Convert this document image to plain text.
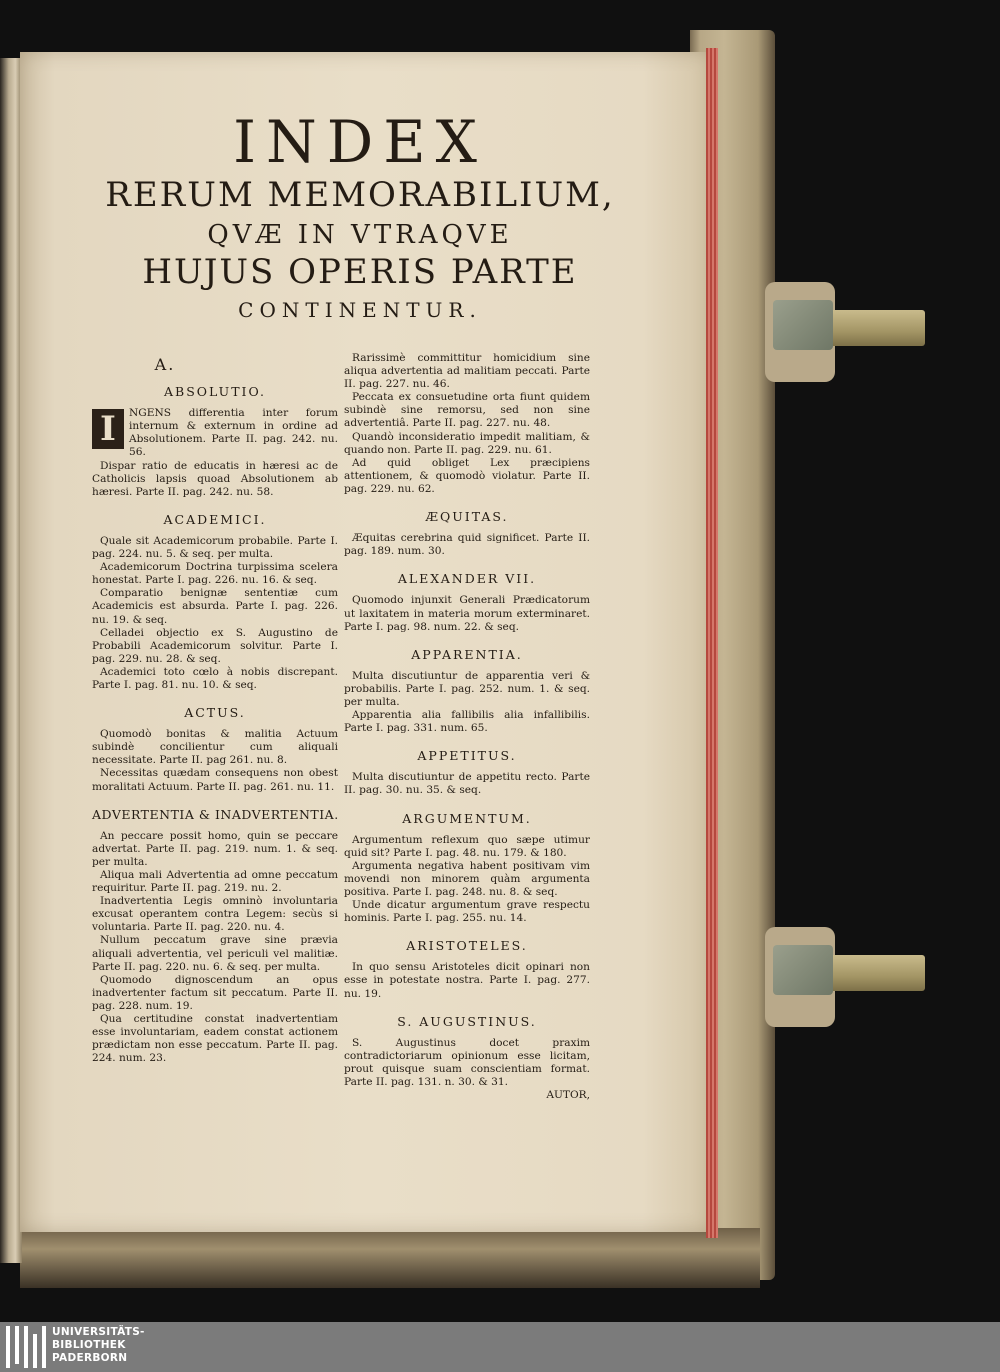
INDEX
RERUM MEMORABILIUM,
QVÆ IN VTRAQVE
HUJUS OPERIS PARTE
CONTINENTUR.
A.
ABSOLUTIO.

I	NGENS differentia inter forum internum & externum in ordine ad Absolutionem. Parte II. pag. 242. nu. 56.

Dispar ratio de educatis in hæresi ac de Catholicis lapsis quoad Absolutionem ab hæresi. Parte II. pag. 242. nu. 58.

ACADEMICI.

Quale sit Academicorum probabile. Parte I. pag. 224. nu. 5. & seq. per multa.

Academicorum Doctrina turpissima scelera honestat. Parte I. pag. 226. nu. 16. & seq.

Comparatio benignæ sententiæ cum Academicis est absurda. Parte I. pag. 226. nu. 19. & seq.

Celladei objectio ex S. Augustino de Probabili Academicorum solvitur. Parte I. pag. 229. nu. 28. & seq.

Academici toto cœlo à nobis discrepant. Parte I. pag. 81. nu. 10. & seq.

ACTUS.

Quomodò bonitas & malitia Actuum subindè concilientur cum aliquali necessitate. Parte II. pag 261. nu. 8.

Necessitas quædam consequens non obest moralitati Actuum. Parte II. pag. 261. nu. 11.

ADVERTENTIA & INADVERTENTIA.

An peccare possit homo, quin se peccare advertat. Parte II. pag. 219. num. 1. & seq. per multa.

Aliqua mali Advertentia ad omne peccatum requiritur. Parte II. pag. 219. nu. 2.

Inadvertentia Legis omninò involuntaria excusat operantem contra Legem: secùs si voluntaria. Parte II. pag. 220. nu. 4.

Nullum peccatum grave sine prævia aliquali advertentia, vel periculi vel malitiæ. Parte II. pag. 220. nu. 6. & seq. per multa.

Quomodo dignoscendum an opus inadvertenter factum sit peccatum. Parte II. pag. 228. num. 19.

Qua certitudine constat inadvertentiam esse involuntariam, eadem constat actionem prædictam non esse peccatum. Parte II. pag. 224. num. 23.

Rarissimè committitur homicidium sine aliqua advertentia ad malitiam peccati. Parte II. pag. 227. nu. 46.

Peccata ex consuetudine orta fiunt quidem subindè sine remorsu, sed non sine advertentiâ. Parte II. pag. 227. nu. 48.

Quandò inconsideratio impedit malitiam, & quando non. Parte II. pag. 229. nu. 61.

Ad quid obliget Lex præcipiens attentionem, & quomodò violatur. Parte II. pag. 229. nu. 62.

ÆQUITAS.

Æquitas cerebrina quid significet. Parte II. pag. 189. num. 30.

ALEXANDER VII.

Quomodo injunxit Generali Prædicatorum ut laxitatem in materia morum exterminaret. Parte I. pag. 98. num. 22. & seq.

APPARENTIA.

Multa discutiuntur de apparentia veri & probabilis. Parte I. pag. 252. num. 1. & seq. per multa.

Apparentia alia fallibilis alia infallibilis. Parte I. pag. 331. num. 65.

APPETITUS.

Multa discutiuntur de appetitu recto. Parte II. pag. 30. nu. 35. & seq.

ARGUMENTUM.

Argumentum reflexum quo sæpe utimur quid sit? Parte I. pag. 48. nu. 179. & 180.

Argumenta negativa habent positivam vim movendi non minorem quàm argumenta positiva. Parte I. pag. 248. nu. 8. & seq.

Unde dicatur argumentum grave respectu hominis. Parte I. pag. 255. nu. 14.

ARISTOTELES.

In quo sensu Aristoteles dicit opinari non esse in potestate nostra. Parte I. pag. 277. nu. 19.

S. AUGUSTINUS.

S. Augustinus docet praxim contradictoriarum opinionum esse licitam, prout quisque suam conscientiam format. Parte II. pag. 131. n. 30. & 31.

AUTOR,

UNIVERSITÄTS-
BIBLIOTHEK
PADERBORN
